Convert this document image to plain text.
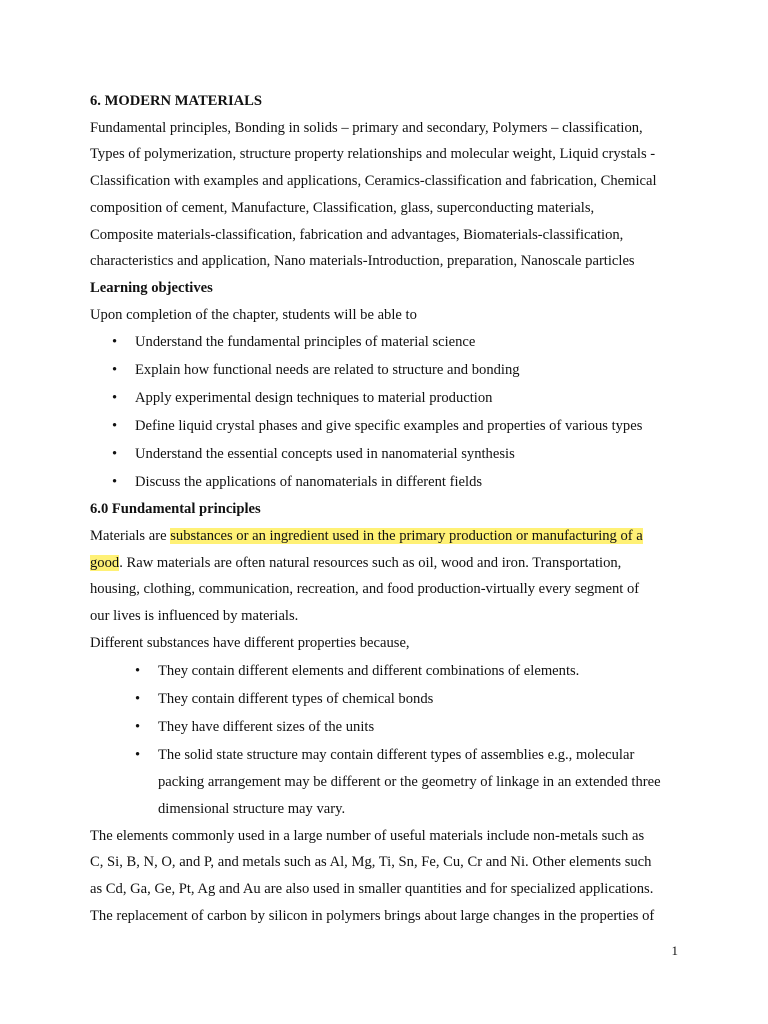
6. MODERN MATERIALS
Fundamental principles, Bonding in solids – primary and secondary, Polymers – classification,
Types of polymerization, structure property relationships and molecular weight, Liquid crystals -
Classification with examples and applications, Ceramics-classification and fabrication, Chemical
composition of cement, Manufacture, Classification, glass, superconducting materials,
Composite materials-classification, fabrication and advantages, Biomaterials-classification,
characteristics and application, Nano materials-Introduction, preparation, Nanoscale particles
Learning objectives
Upon completion of the chapter, students will be able to
• Understand the fundamental principles of material science
• Explain how functional needs are related to structure and bonding
• Apply experimental design techniques to material production
• Define liquid crystal phases and give specific examples and properties of various types
• Understand the essential concepts used in nanomaterial synthesis
• Discuss the applications of nanomaterials in different fields
6.0 Fundamental principles
Materials are substances or an ingredient used in the primary production or manufacturing of a
good. Raw materials are often natural resources such as oil, wood and iron. Transportation,
housing, clothing, communication, recreation, and food production-virtually every segment of
our lives is influenced by materials.
Different substances have different properties because,
• They contain different elements and different combinations of elements.
• They contain different types of chemical bonds
• They have different sizes of the units
• The solid state structure may contain different types of assemblies e.g., molecular
packing arrangement may be different or the geometry of linkage in an extended three
dimensional structure may vary.
The elements commonly used in a large number of useful materials include non-metals such as
C, Si, B, N, O, and P, and metals such as Al, Mg, Ti, Sn, Fe, Cu, Cr and Ni. Other elements such
as Cd, Ga, Ge, Pt, Ag and Au are also used in smaller quantities and for specialized applications.
The replacement of carbon by silicon in polymers brings about large changes in the properties of
1
